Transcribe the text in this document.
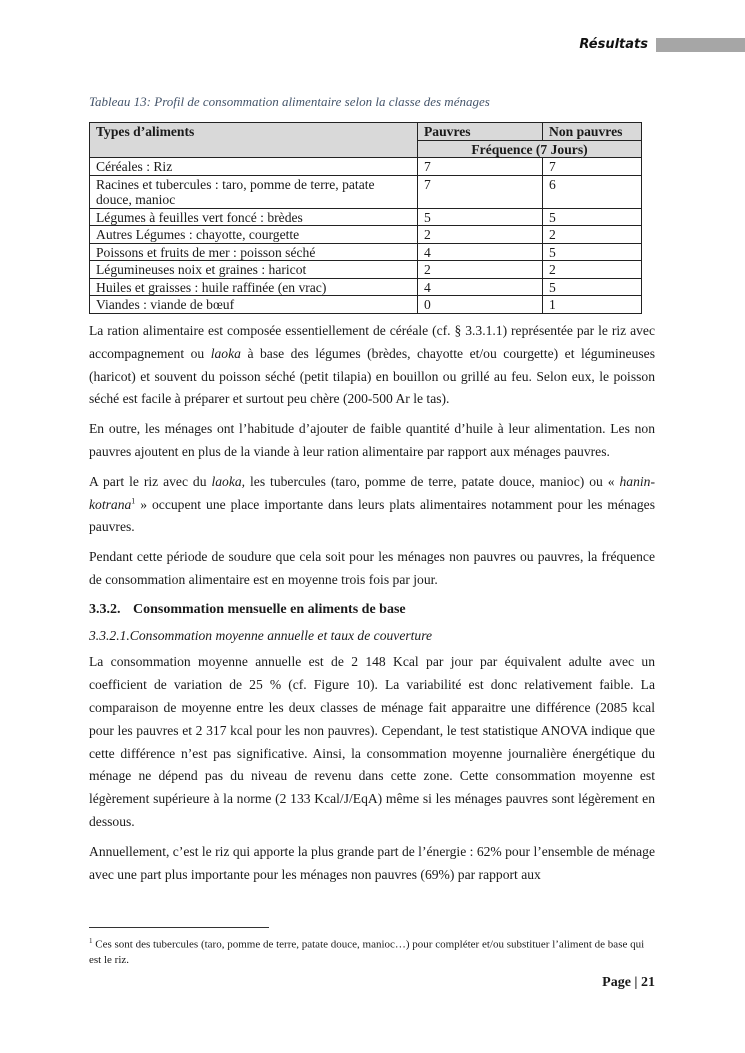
Résultats
Tableau 13: Profil de consommation alimentaire selon la classe des ménages
Types d’aliments	Pauvres	Non pauvres
	Fréquence (7 Jours)	
Céréales : Riz	7	7
Racines et tubercules : taro, pomme de terre, patate douce, manioc	7	6
Légumes à feuilles vert foncé : brèdes	5	5
Autres Légumes : chayotte, courgette	2	2
Poissons et fruits de mer : poisson séché	4	5
Légumineuses noix et graines : haricot	2	2
Huiles et graisses : huile raffinée (en vrac)	4	5
Viandes : viande de bœuf	0	1

La ration alimentaire est composée essentiellement de céréale (cf. § 3.3.1.1) représentée par le riz avec accompagnement ou laoka à base des légumes (brèdes, chayotte et/ou courgette) et légumineuses (haricot) et souvent du poisson séché (petit tilapia) en bouillon ou grillé au feu. Selon eux, le poisson séché est facile à préparer et surtout peu chère (200-500 Ar le tas).

En outre, les ménages ont l’habitude d’ajouter de faible quantité d’huile à leur alimentation. Les non pauvres ajoutent en plus de la viande à leur ration alimentaire par rapport aux ménages pauvres.

A part le riz avec du laoka, les tubercules (taro, pomme de terre, patate douce, manioc) ou « hanin-kotrana$^1$ » occupent une place importante dans leurs plats alimentaires notamment pour les ménages pauvres.

Pendant cette période de soudure que cela soit pour les ménages non pauvres ou pauvres, la fréquence de consommation alimentaire est en moyenne trois fois par jour.

3.3.2. Consommation mensuelle en aliments de base
3.3.2.1.Consommation moyenne annuelle et taux de couverture

La consommation moyenne annuelle est de 2 148 Kcal par jour par équivalent adulte avec un coefficient de variation de 25 % (cf. Figure 10). La variabilité est donc relativement faible. La comparaison de moyenne entre les deux classes de ménage fait apparaitre une différence (2085 kcal pour les pauvres et 2 317 kcal pour les non pauvres). Cependant, le test statistique ANOVA indique que cette différence n’est pas significative. Ainsi, la consommation moyenne journalière énergétique du ménage ne dépend pas du niveau de revenu dans cette zone. Cette consommation moyenne est légèrement supérieure à la norme (2 133 Kcal/J/EqA) même si les ménages pauvres sont légèrement en dessous.

Annuellement, c’est le riz qui apporte la plus grande part de l’énergie : 62% pour l’ensemble de ménage avec une part plus importante pour les ménages non pauvres (69%) par rapport aux

$^1$ Ces sont des tubercules (taro, pomme de terre, patate douce, manioc…) pour compléter et/ou substituer l’aliment de base qui est le riz.
Page | 21
